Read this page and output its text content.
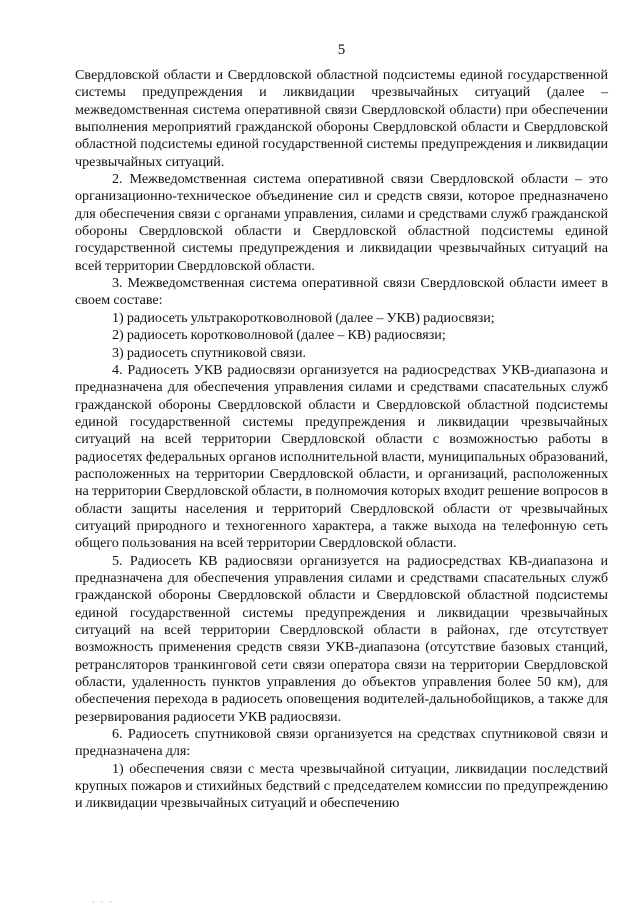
5

Свердловской области и Свердловской областной подсистемы единой государственной системы предупреждения и ликвидации чрезвычайных ситуаций (далее – межведомственная система оперативной связи Свердловской области) при обеспечении выполнения мероприятий гражданской обороны Свердловской области и Свердловской областной подсистемы единой государственной системы предупреждения и ликвидации чрезвычайных ситуаций.

2. Межведомственная система оперативной связи Свердловской области – это организационно-техническое объединение сил и средств связи, которое предназначено для обеспечения связи с органами управления, силами и средствами служб гражданской обороны Свердловской области и Свердловской областной подсистемы единой государственной системы предупреждения и ликвидации чрезвычайных ситуаций на всей территории Свердловской области.

3. Межведомственная система оперативной связи Свердловской области имеет в своем составе:

1) радиосеть ультракоротковолновой (далее – УКВ) радиосвязи;

2) радиосеть коротковолновой (далее – КВ) радиосвязи;

3) радиосеть спутниковой связи.

4. Радиосеть УКВ радиосвязи организуется на радиосредствах УКВ-диапазона и предназначена для обеспечения управления силами и средствами спасательных служб гражданской обороны Свердловской области и Свердловской областной подсистемы единой государственной системы предупреждения и ликвидации чрезвычайных ситуаций на всей территории Свердловской области с возможностью работы в радиосетях федеральных органов исполнительной власти, муниципальных образований, расположенных на территории Свердловской области, и организаций, расположенных на территории Свердловской области, в полномочия которых входит решение вопросов в области защиты населения и территорий Свердловской области от чрезвычайных ситуаций природного и техногенного характера, а также выхода на телефонную сеть общего пользования на всей территории Свердловской области.

5. Радиосеть КВ радиосвязи организуется на радиосредствах КВ-диапазона и предназначена для обеспечения управления силами и средствами спасательных служб гражданской обороны Свердловской области и Свердловской областной подсистемы единой государственной системы предупреждения и ликвидации чрезвычайных ситуаций на всей территории Свердловской области в районах, где отсутствует возможность применения средств связи УКВ-диапазона (отсутствие базовых станций, ретрансляторов транкинговой сети связи оператора связи на территории Свердловской области, удаленность пунктов управления до объектов управления более 50 км), для обеспечения перехода в радиосеть оповещения водителей-дальнобойщиков, а также для резервирования радиосети УКВ радиосвязи.

6. Радиосеть спутниковой связи организуется на средствах спутниковой связи и предназначена для:

1) обеспечения связи с места чрезвычайной ситуации, ликвидации последствий крупных пожаров и стихийных бедствий с председателем комиссии по предупреждению и ликвидации чрезвычайных ситуаций и обеспечению

· · ·
